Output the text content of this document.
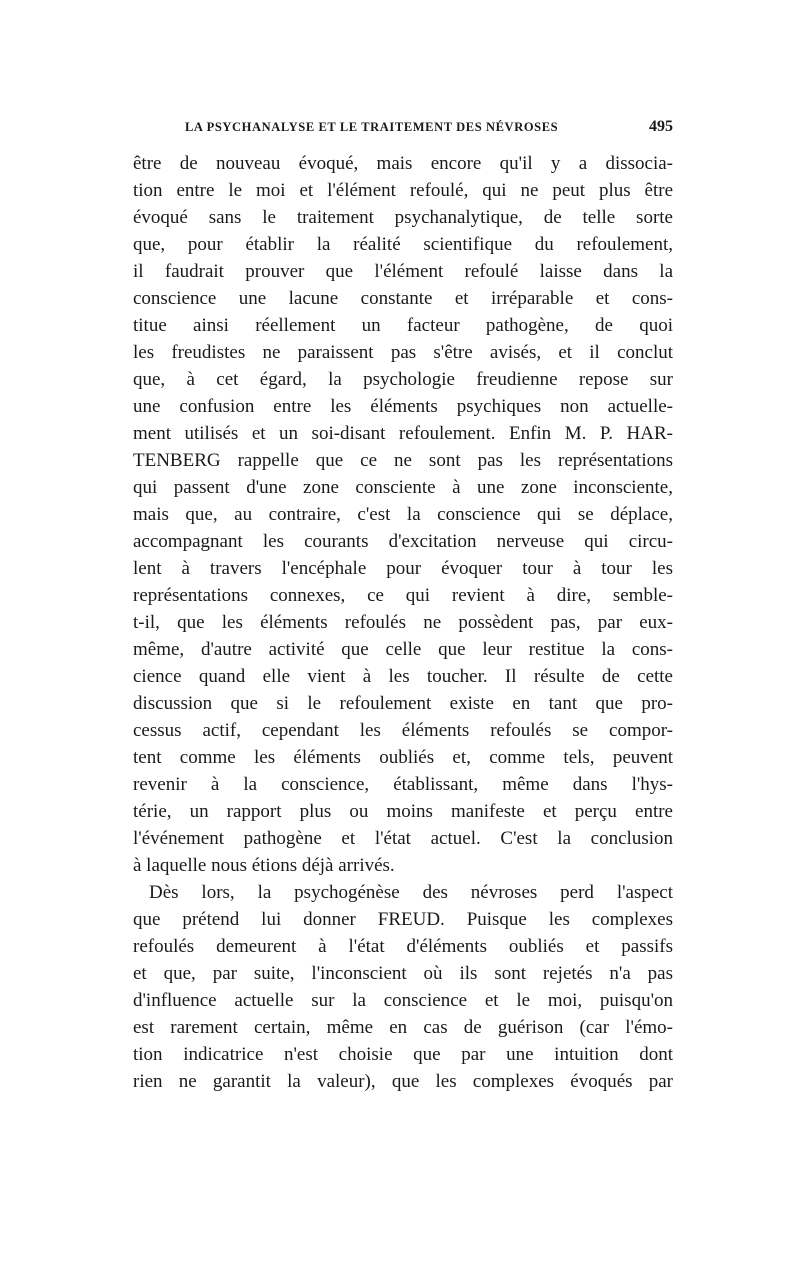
LA PSYCHANALYSE ET LE TRAITEMENT DES NÉVROSES	495
être de nouveau évoqué, mais encore qu'il y a dissocia-
tion entre le moi et l'élément refoulé, qui ne peut plus être
évoqué sans le traitement psychanalytique, de telle sorte
que, pour établir la réalité scientifique du refoulement,
il faudrait prouver que l'élément refoulé laisse dans la
conscience une lacune constante et irréparable et cons-
titue ainsi réellement un facteur pathogène, de quoi
les freudistes ne paraissent pas s'être avisés, et il conclut
que, à cet égard, la psychologie freudienne repose sur
une confusion entre les éléments psychiques non actuelle-
ment utilisés et un soi-disant refoulement. Enfin M. P. HAR-
TENBERG rappelle que ce ne sont pas les représentations
qui passent d'une zone consciente à une zone inconsciente,
mais que, au contraire, c'est la conscience qui se déplace,
accompagnant les courants d'excitation nerveuse qui circu-
lent à travers l'encéphale pour évoquer tour à tour les
représentations connexes, ce qui revient à dire, semble-
t-il, que les éléments refoulés ne possèdent pas, par eux-
même, d'autre activité que celle que leur restitue la cons-
cience quand elle vient à les toucher. Il résulte de cette
discussion que si le refoulement existe en tant que pro-
cessus actif, cependant les éléments refoulés se compor-
tent comme les éléments oubliés et, comme tels, peuvent
revenir à la conscience, établissant, même dans l'hys-
térie, un rapport plus ou moins manifeste et perçu entre
l'événement pathogène et l'état actuel. C'est la conclusion
à laquelle nous étions déjà arrivés.
Dès lors, la psychogénèse des névroses perd l'aspect
que prétend lui donner FREUD. Puisque les complexes
refoulés demeurent à l'état d'éléments oubliés et passifs
et que, par suite, l'inconscient où ils sont rejetés n'a pas
d'influence actuelle sur la conscience et le moi, puisqu'on
est rarement certain, même en cas de guérison (car l'émo-
tion indicatrice n'est choisie que par une intuition dont
rien ne garantit la valeur), que les complexes évoqués par
